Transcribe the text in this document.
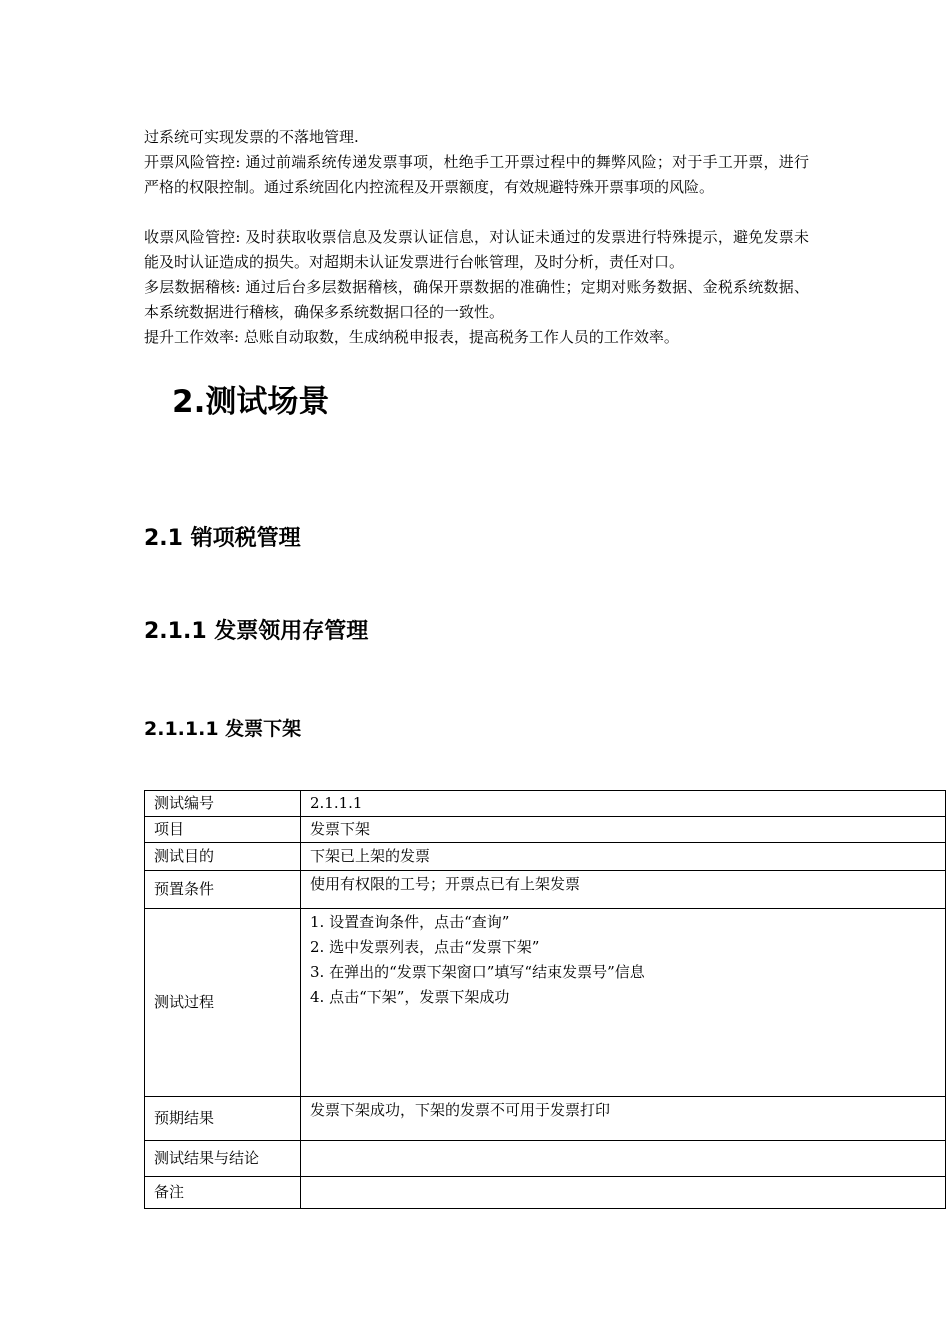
过系统可实现发票的不落地管理.

开票风险管控: 通过前端系统传递发票事项，杜绝手工开票过程中的舞弊风险；对于手工开票，进行严格的权限控制。通过系统固化内控流程及开票额度，有效规避特殊开票事项的风险。

收票风险管控: 及时获取收票信息及发票认证信息，对认证未通过的发票进行特殊提示，避免发票未能及时认证造成的损失。对超期未认证发票进行台帐管理，及时分析，责任对口。

多层数据稽核: 通过后台多层数据稽核，确保开票数据的准确性；定期对账务数据、金税系统数据、本系统数据进行稽核，确保多系统数据口径的一致性。

提升工作效率: 总账自动取数，生成纳税申报表，提高税务工作人员的工作效率。

2.测试场景
2.1 销项税管理
2.1.1 发票领用存管理
2.1.1.1 发票下架
测试编号	2.1.1.1
项目	发票下架
测试目的	下架已上架的发票
预置条件	使用有权限的工号；开票点已有上架发票
测试过程	1. 设置查询条件，点击“查询”
2. 选中发票列表，点击“发票下架”
3. 在弹出的“发票下架窗口”填写“结束发票号”信息
4. 点击“下架”，发票下架成功

预期结果	发票下架成功，下架的发票不可用于发票打印
测试结果与结论	
备注	
